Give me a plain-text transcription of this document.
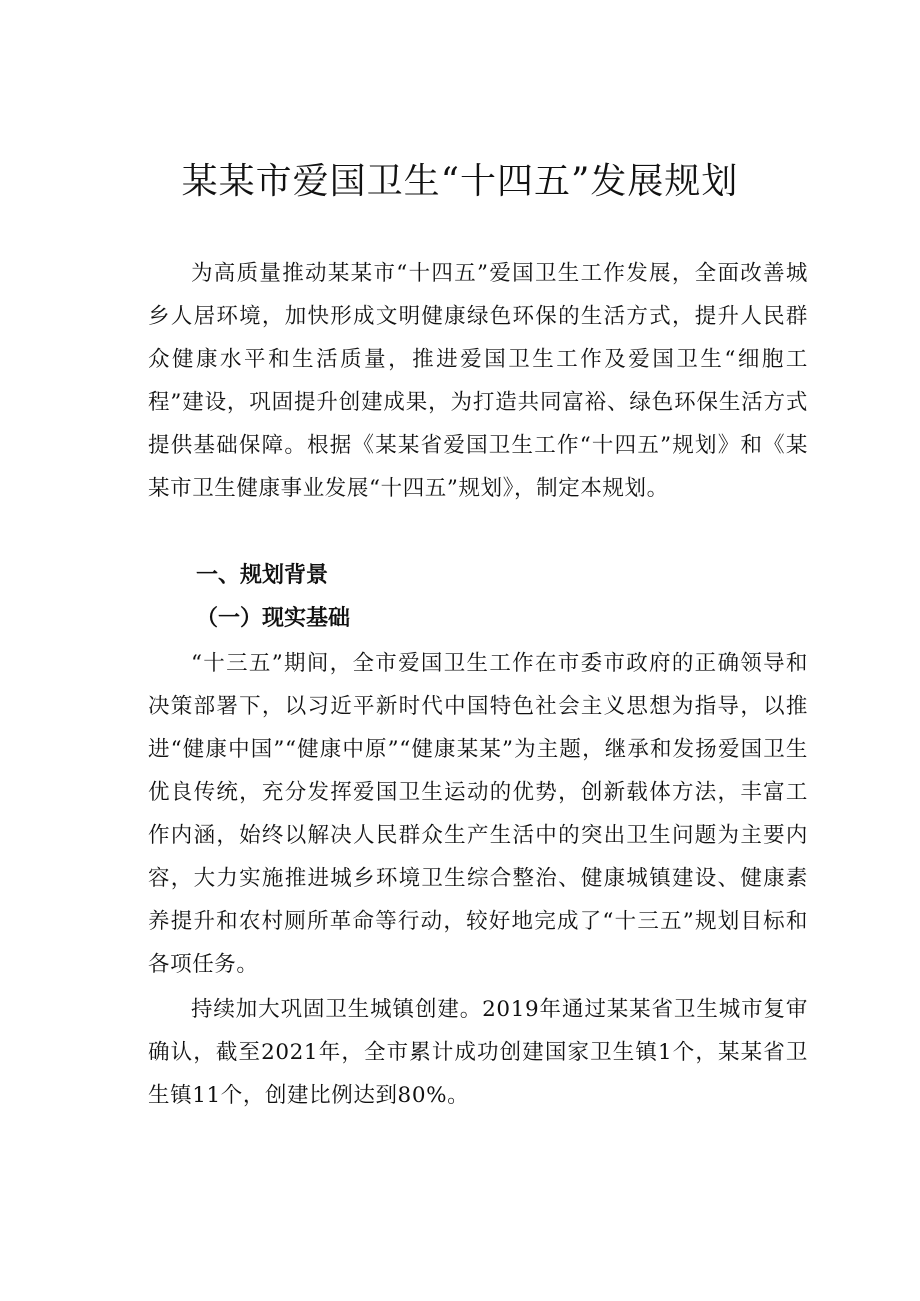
某某市爱国卫生“十四五”发展规划

为高质量推动某某市“十四五”爱国卫生工作发展，全面改善城乡人居环境，加快形成文明健康绿色环保的生活方式，提升人民群众健康水平和生活质量，推进爱国卫生工作及爱国卫生“细胞工程”建设，巩固提升创建成果，为打造共同富裕、绿色环保生活方式提供基础保障。根据《某某省爱国卫生工作“十四五”规划》和《某某市卫生健康事业发展“十四五”规划》，制定本规划。

一、规划背景
（一）现实基础

“十三五”期间，全市爱国卫生工作在市委市政府的正确领导和决策部署下，以习近平新时代中国特色社会主义思想为指导，以推进“健康中国”“健康中原”“健康某某”为主题，继承和发扬爱国卫生优良传统，充分发挥爱国卫生运动的优势，创新载体方法，丰富工作内涵，始终以解决人民群众生产生活中的突出卫生问题为主要内容，大力实施推进城乡环境卫生综合整治、健康城镇建设、健康素养提升和农村厕所革命等行动，较好地完成了“十三五”规划目标和各项任务。

持续加大巩固卫生城镇创建。2019年通过某某省卫生城市复审确认，截至2021年，全市累计成功创建国家卫生镇1个，某某省卫生镇11个，创建比例达到80%。
